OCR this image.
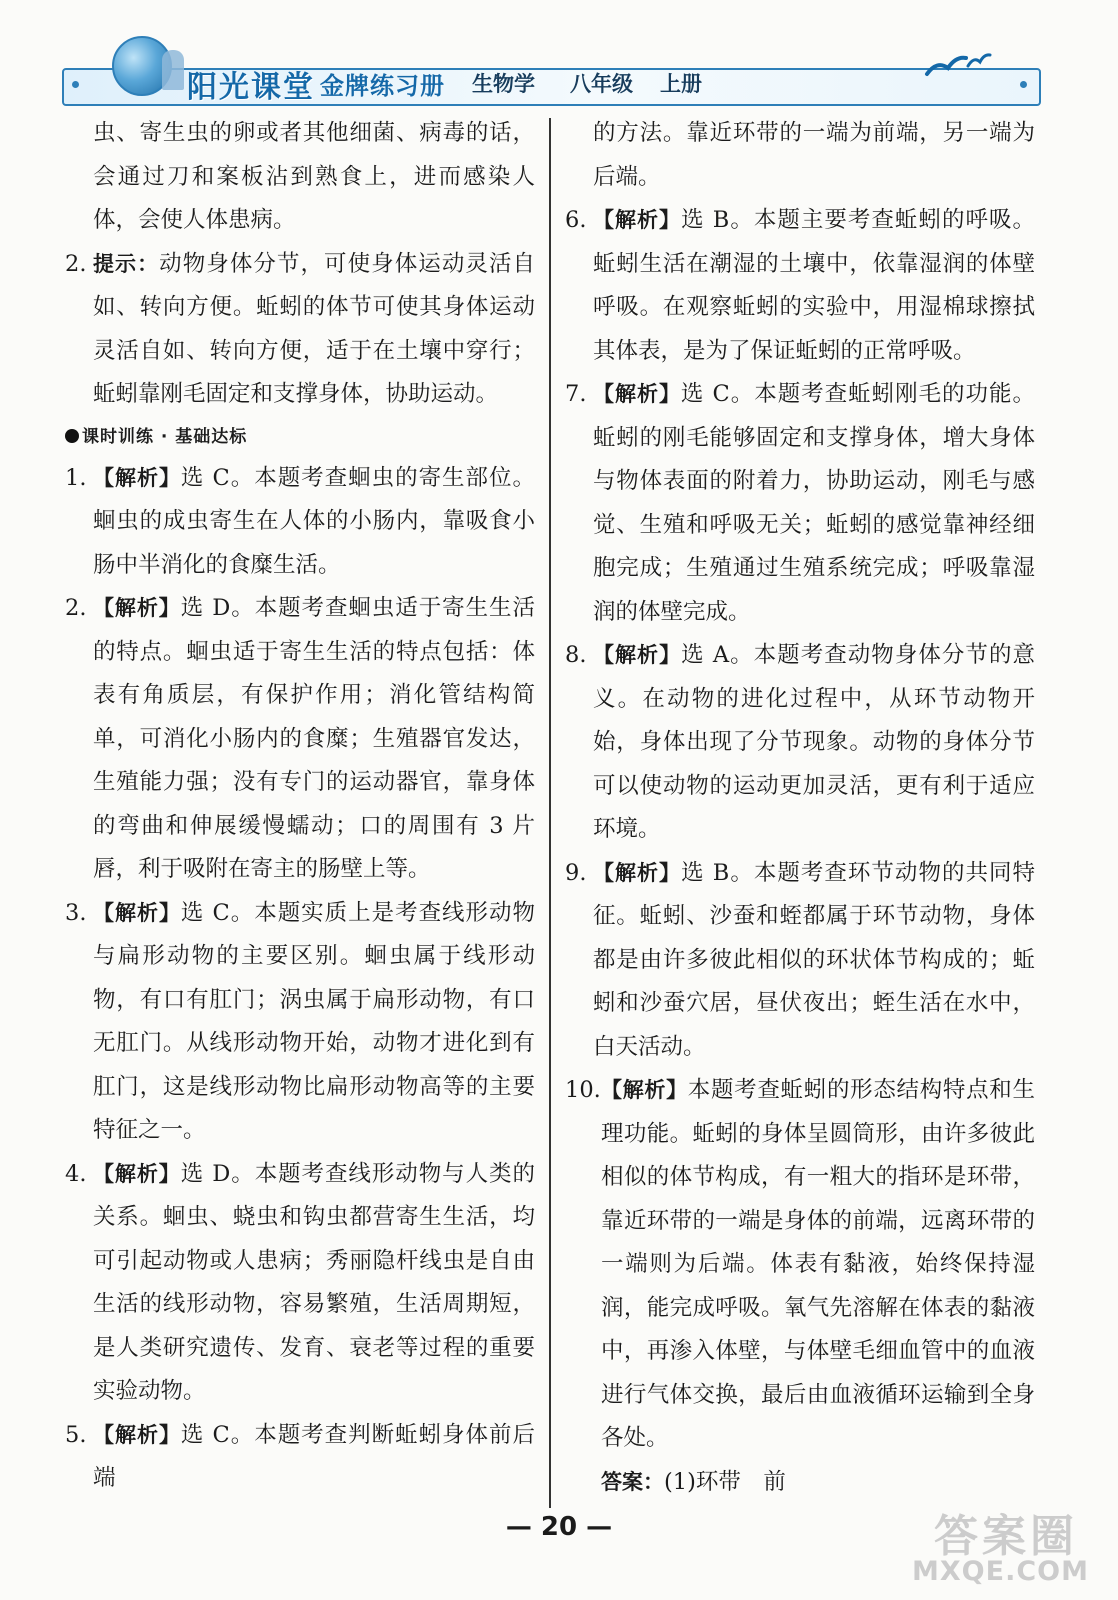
阳光课堂 金牌练习册 生物学 八年级 上册
虫、寄生虫的卵或者其他细菌、病毒的话，会通过刀和案板沾到熟食上，进而感染人体，会使人体患病。
2. 提示：动物身体分节，可使身体运动灵活自如、转向方便。蚯蚓的体节可使其身体运动灵活自如、转向方便，适于在土壤中穿行；蚯蚓靠刚毛固定和支撑身体，协助运动。
课时训练 · 基础达标
1. 【解析】选 C。本题考查蛔虫的寄生部位。蛔虫的成虫寄生在人体的小肠内，靠吸食小肠中半消化的食糜生活。
2. 【解析】选 D。本题考查蛔虫适于寄生生活的特点。蛔虫适于寄生生活的特点包括：体表有角质层，有保护作用；消化管结构简单，可消化小肠内的食糜；生殖器官发达，生殖能力强；没有专门的运动器官，靠身体的弯曲和伸展缓慢蠕动；口的周围有 3 片唇，利于吸附在寄主的肠壁上等。
3. 【解析】选 C。本题实质上是考查线形动物与扁形动物的主要区别。蛔虫属于线形动物，有口有肛门；涡虫属于扁形动物，有口无肛门。从线形动物开始，动物才进化到有肛门，这是线形动物比扁形动物高等的主要特征之一。
4. 【解析】选 D。本题考查线形动物与人类的关系。蛔虫、蛲虫和钩虫都营寄生生活，均可引起动物或人患病；秀丽隐杆线虫是自由生活的线形动物，容易繁殖，生活周期短，是人类研究遗传、发育、衰老等过程的重要实验动物。
5. 【解析】选 C。本题考查判断蚯蚓身体前后端
的方法。靠近环带的一端为前端，另一端为后端。
6. 【解析】选 B。本题主要考查蚯蚓的呼吸。蚯蚓生活在潮湿的土壤中，依靠湿润的体壁呼吸。在观察蚯蚓的实验中，用湿棉球擦拭其体表，是为了保证蚯蚓的正常呼吸。
7. 【解析】选 C。本题考查蚯蚓刚毛的功能。蚯蚓的刚毛能够固定和支撑身体，增大身体与物体表面的附着力，协助运动，刚毛与感觉、生殖和呼吸无关；蚯蚓的感觉靠神经细胞完成；生殖通过生殖系统完成；呼吸靠湿润的体壁完成。
8. 【解析】选 A。本题考查动物身体分节的意义。在动物的进化过程中，从环节动物开始，身体出现了分节现象。动物的身体分节可以使动物的运动更加灵活，更有利于适应环境。
9. 【解析】选 B。本题考查环节动物的共同特征。蚯蚓、沙蚕和蛭都属于环节动物，身体都是由许多彼此相似的环状体节构成的；蚯蚓和沙蚕穴居，昼伏夜出；蛭生活在水中，白天活动。
10. 【解析】本题考查蚯蚓的形态结构特点和生理功能。蚯蚓的身体呈圆筒形，由许多彼此相似的体节构成，有一粗大的指环是环带，靠近环带的一端是身体的前端，远离环带的一端则为后端。体表有黏液，始终保持湿润，能完成呼吸。氧气先溶解在体表的黏液中，再渗入体壁，与体壁毛细血管中的血液进行气体交换，最后由血液循环运输到全身各处。
答案：(1)环带　前
— 20 —	答案圈
MXQE.COM
